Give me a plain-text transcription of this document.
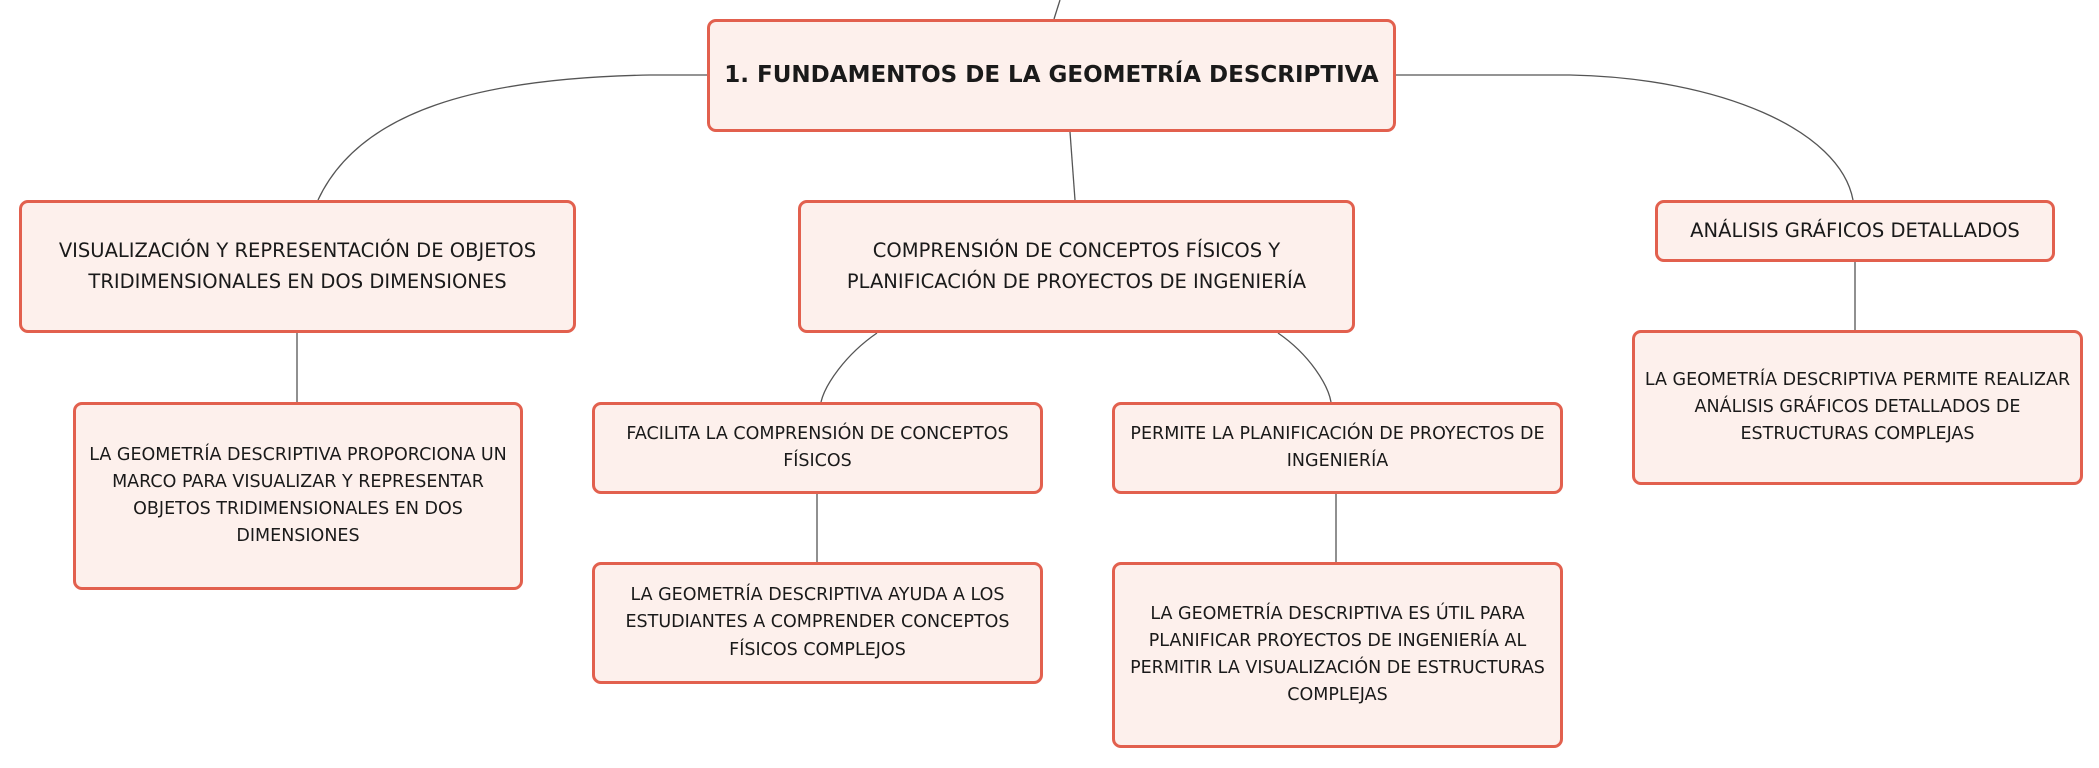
1. FUNDAMENTOS DE LA GEOMETRÍA DESCRIPTIVA
VISUALIZACIÓN Y REPRESENTACIÓN DE OBJETOS TRIDIMENSIONALES EN DOS DIMENSIONES
COMPRENSIÓN DE CONCEPTOS FÍSICOS Y PLANIFICACIÓN DE PROYECTOS DE INGENIERÍA
ANÁLISIS GRÁFICOS DETALLADOS
LA GEOMETRÍA DESCRIPTIVA PROPORCIONA UN MARCO PARA VISUALIZAR Y REPRESENTAR OBJETOS TRIDIMENSIONALES EN DOS DIMENSIONES
FACILITA LA COMPRENSIÓN DE CONCEPTOS FÍSICOS
PERMITE LA PLANIFICACIÓN DE PROYECTOS DE INGENIERÍA
LA GEOMETRÍA DESCRIPTIVA PERMITE REALIZAR ANÁLISIS GRÁFICOS DETALLADOS DE ESTRUCTURAS COMPLEJAS
LA GEOMETRÍA DESCRIPTIVA AYUDA A LOS ESTUDIANTES A COMPRENDER CONCEPTOS FÍSICOS COMPLEJOS
LA GEOMETRÍA DESCRIPTIVA ES ÚTIL PARA PLANIFICAR PROYECTOS DE INGENIERÍA AL PERMITIR LA VISUALIZACIÓN DE ESTRUCTURAS COMPLEJAS
